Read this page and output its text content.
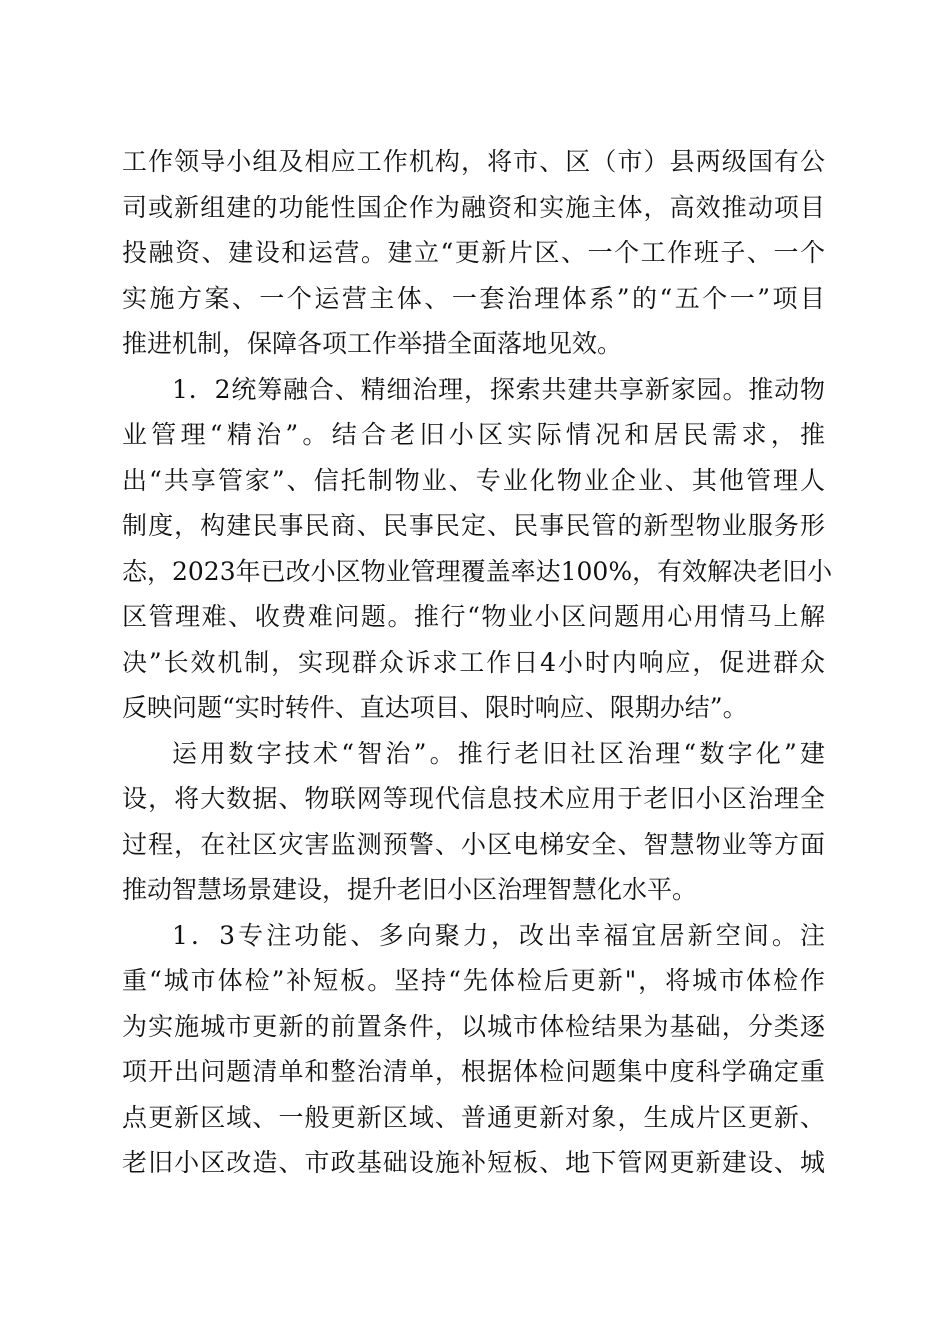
工作领导小组及相应工作机构，将市、区（市）县两级国有公
司或新组建的功能性国企作为融资和实施主体，高效推动项目
投融资、建设和运营。建立“更新片区、一个工作班子、一个
实施方案、一个运营主体、一套治理体系”的“五个一”项目
推进机制，保障各项工作举措全面落地见效。
1．2统筹融合、精细治理，探索共建共享新家园。推动物
业管理“精治”。结合老旧小区实际情况和居民需求，推
出“共享管家”、信托制物业、专业化物业企业、其他管理人
制度，构建民事民商、民事民定、民事民管的新型物业服务形
态，2023年已改小区物业管理覆盖率达100%，有效解决老旧小
区管理难、收费难问题。推行“物业小区问题用心用情马上解
决”长效机制，实现群众诉求工作日4小时内响应，促进群众
反映问题“实时转件、直达项目、限时响应、限期办结”。
运用数字技术“智治”。推行老旧社区治理“数字化”建
设，将大数据、物联网等现代信息技术应用于老旧小区治理全
过程，在社区灾害监测预警、小区电梯安全、智慧物业等方面
推动智慧场景建设，提升老旧小区治理智慧化水平。
1．3专注功能、多向聚力，改出幸福宜居新空间。注
重“城市体检”补短板。坚持“先体检后更新"，将城市体检作
为实施城市更新的前置条件，以城市体检结果为基础，分类逐
项开出问题清单和整治清单，根据体检问题集中度科学确定重
点更新区域、一般更新区域、普通更新对象，生成片区更新、
老旧小区改造、市政基础设施补短板、地下管网更新建设、城
